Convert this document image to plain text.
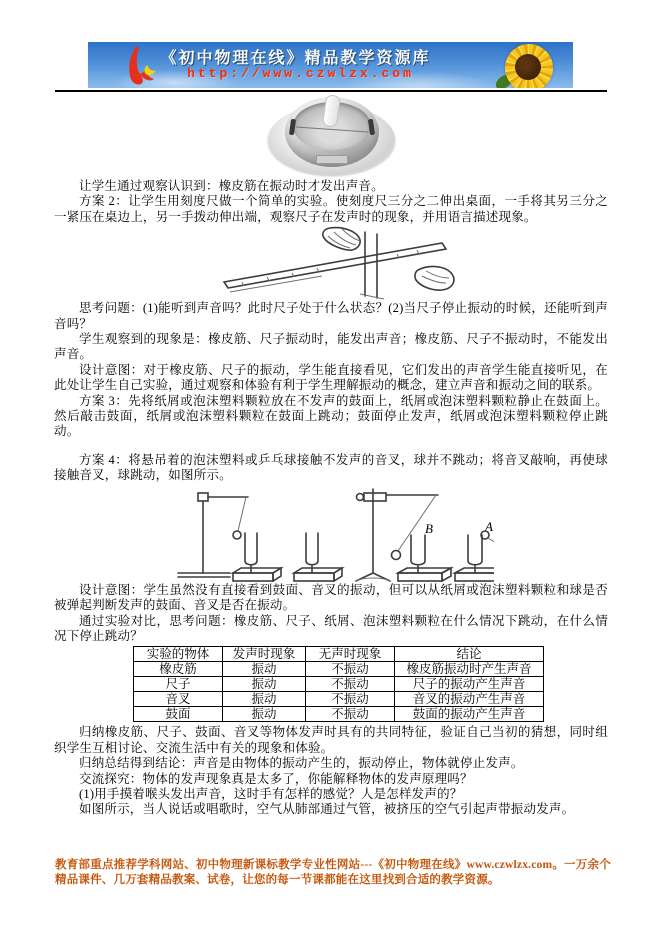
《初中物理在线》精品教学资源库
http://www.czwlzx.com

让学生通过观察认识到：橡皮筋在振动时才发出声音。

方案 2：让学生用刻度尺做一个简单的实验。使刻度尺三分之二伸出桌面，一手将其另三分之一紧压在桌边上，另一手拨动伸出端，观察尺子在发声时的现象，并用语言描述现象。

思考问题：(1)能听到声音吗？此时尺子处于什么状态？(2)当尺子停止振动的时候，还能听到声音吗？

学生观察到的现象是：橡皮筋、尺子振动时，能发出声音；橡皮筋、尺子不振动时，不能发出声音。

设计意图：对于橡皮筋、尺子的振动，学生能直接看见，它们发出的声音学生能直接听见，在此处让学生自己实验，通过观察和体验有利于学生理解振动的概念，建立声音和振动之间的联系。

方案 3：先将纸屑或泡沫塑料颗粒放在不发声的鼓面上，纸屑或泡沫塑料颗粒静止在鼓面上。然后敲击鼓面，纸屑或泡沫塑料颗粒在鼓面上跳动；鼓面停止发声，纸屑或泡沫塑料颗粒停止跳动。

方案 4：将悬吊着的泡沫塑料或乒乓球接触不发声的音叉，球并不跳动；将音叉敲响，再使球接触音叉，球跳动，如图所示。

B	A

设计意图：学生虽然没有直接看到鼓面、音叉的振动，但可以从纸屑或泡沫塑料颗粒和球是否被弹起判断发声的鼓面、音叉是否在振动。

通过实验对比，思考问题：橡皮筋、尺子、纸屑、泡沫塑料颗粒在什么情况下跳动，在什么情况下停止跳动？

实验的物体	发声时现象	无声时现象	结论
橡皮筋	振动	不振动	橡皮筋振动时产生声音
尺子	振动	不振动	尺子的振动产生声音
音叉	振动	不振动	音叉的振动产生声音
鼓面	振动	不振动	鼓面的振动产生声音

归纳橡皮筋、尺子、鼓面、音叉等物体发声时具有的共同特征，验证自己当初的猜想，同时组织学生互相讨论、交流生活中有关的现象和体验。

归纳总结得到结论：声音是由物体的振动产生的，振动停止，物体就停止发声。

交流探究：物体的发声现象真是太多了，你能解释物体的发声原理吗？

(1)用手摸着喉头发出声音，这时手有怎样的感觉？人是怎样发声的？

如图所示，当人说话或唱歌时，空气从肺部通过气管，被挤压的空气引起声带振动发声。

教育部重点推荐学科网站、初中物理新课标教学专业性网站---《初中物理在线》www.czwlzx.com。一万余个精品课件、几万套精品教案、试卷，让您的每一节课都能在这里找到合适的教学资源。
